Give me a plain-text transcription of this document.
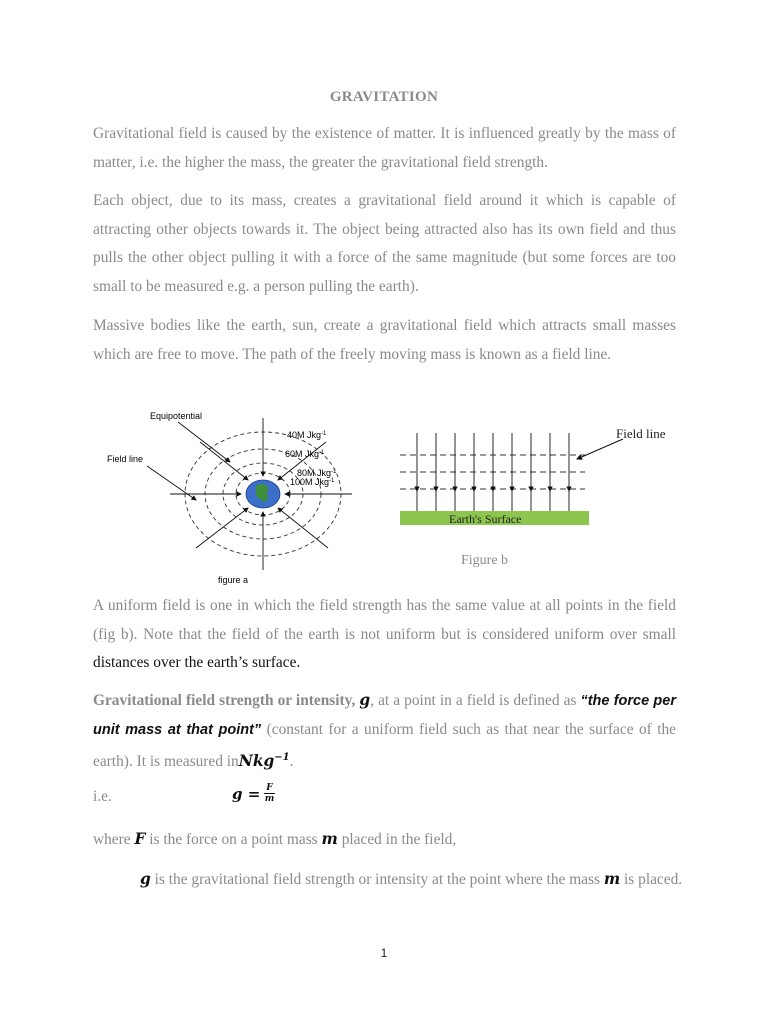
GRAVITATION
Gravitational field is caused by the existence of matter. It is influenced greatly by the mass of matter, i.e. the higher the mass, the greater the gravitational field strength.
Each object, due to its mass, creates a gravitational field around it which is capable of attracting other objects towards it. The object being attracted also has its own field and thus pulls the other object pulling it with a force of the same magnitude (but some forces are too small to be measured e.g. a person pulling the earth).
Massive bodies like the earth, sun, create a gravitational field which attracts small masses which are free to move. The path of the freely moving mass is known as a field line.
Equipotential
Field line
40M Jkg$^{-1}$
60M Jkg$^{-1}$
80M Jkg$^{-1}$
100M Jkg$^{-1}$
figure a
Earth's Surface
Field line
Figure b
A uniform field is one in which the field strength has the same value at all points in the field (fig b). Note that the field of the earth is not uniform but is considered uniform over small distances over the earth’s surface.
Gravitational field strength or intensity, g, at a point in a field is defined as “the force per unit mass at that point” (constant for a uniform field such as that near the surface of the earth). It is measured inNkg$^{-1}$.
i.e.	$g = \frac{F}{m}$
where F is the force on a point mass m placed in the field,
g is the gravitational field strength or intensity at the point where the mass m is placed.
1
